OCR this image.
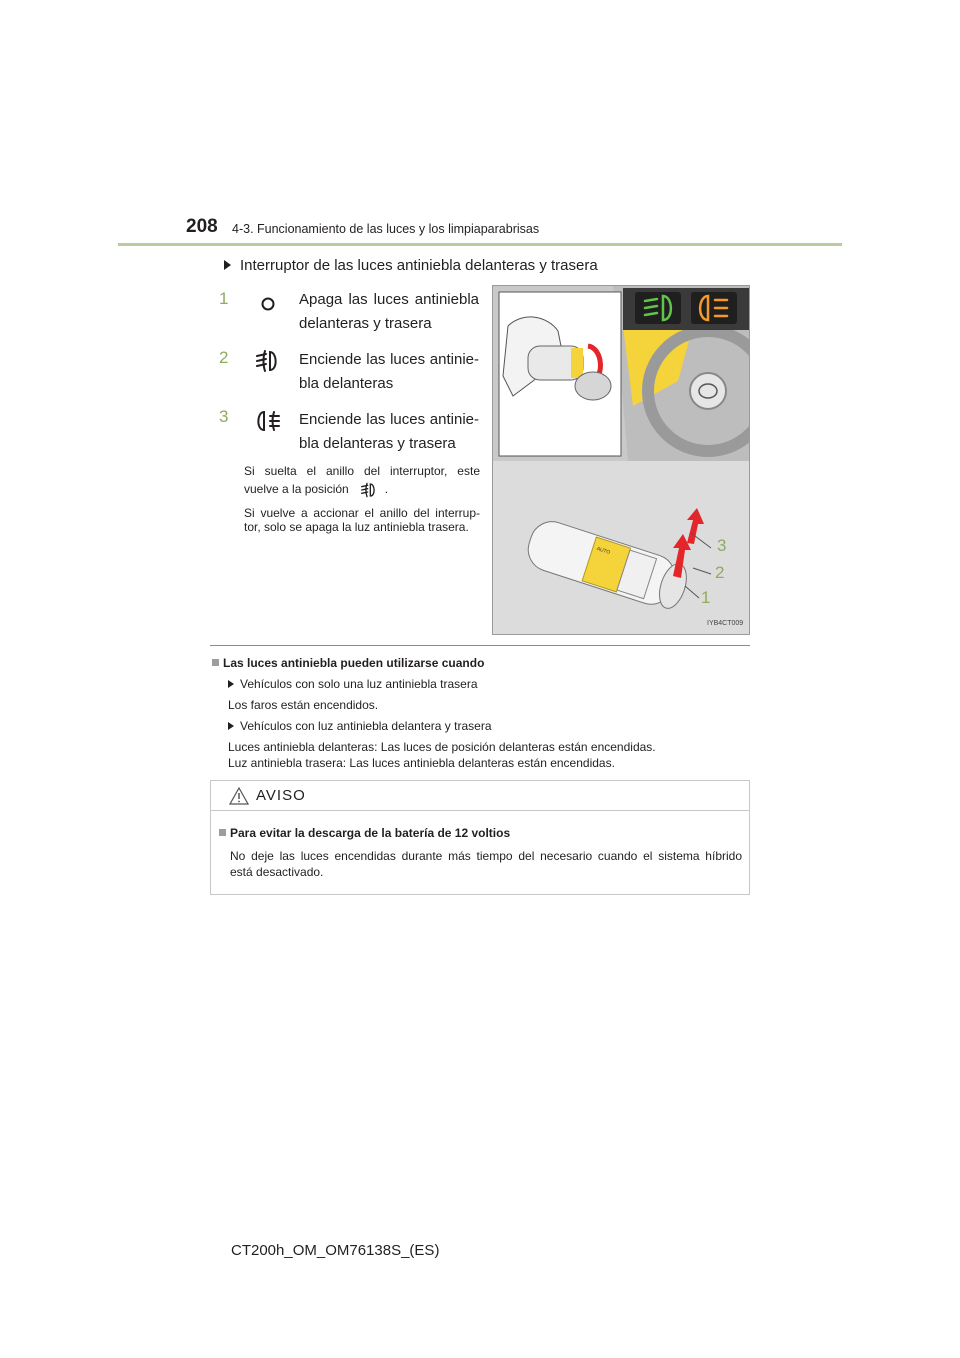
208 4-3. Funcionamiento de las luces y los limpiaparabrisas
Interruptor de las luces antiniebla delanteras y trasera
1	Apaga las luces antiniebla
delanteras y trasera
2	Enciende las luces antinie-
bla delanteras
3	Enciende las luces antinie-
bla delanteras y trasera
Si suelta el anillo del interruptor, este
vuelve a la posición	.
Si vuelve a accionar el anillo del interrup-
tor, solo se apaga la luz antiniebla trasera.
AUTO	3
2
1
IYB4CT009
Las luces antiniebla pueden utilizarse cuando
Vehículos con solo una luz antiniebla trasera
Los faros están encendidos.
Vehículos con luz antiniebla delantera y trasera
Luces antiniebla delanteras: Las luces de posición delanteras están encendidas.
Luz antiniebla trasera: Las luces antiniebla delanteras están encendidas.
AVISO
Para evitar la descarga de la batería de 12 voltios
No deje las luces encendidas durante más tiempo del necesario cuando el sistema híbrido
está desactivado.
CT200h_OM_OM76138S_(ES)
